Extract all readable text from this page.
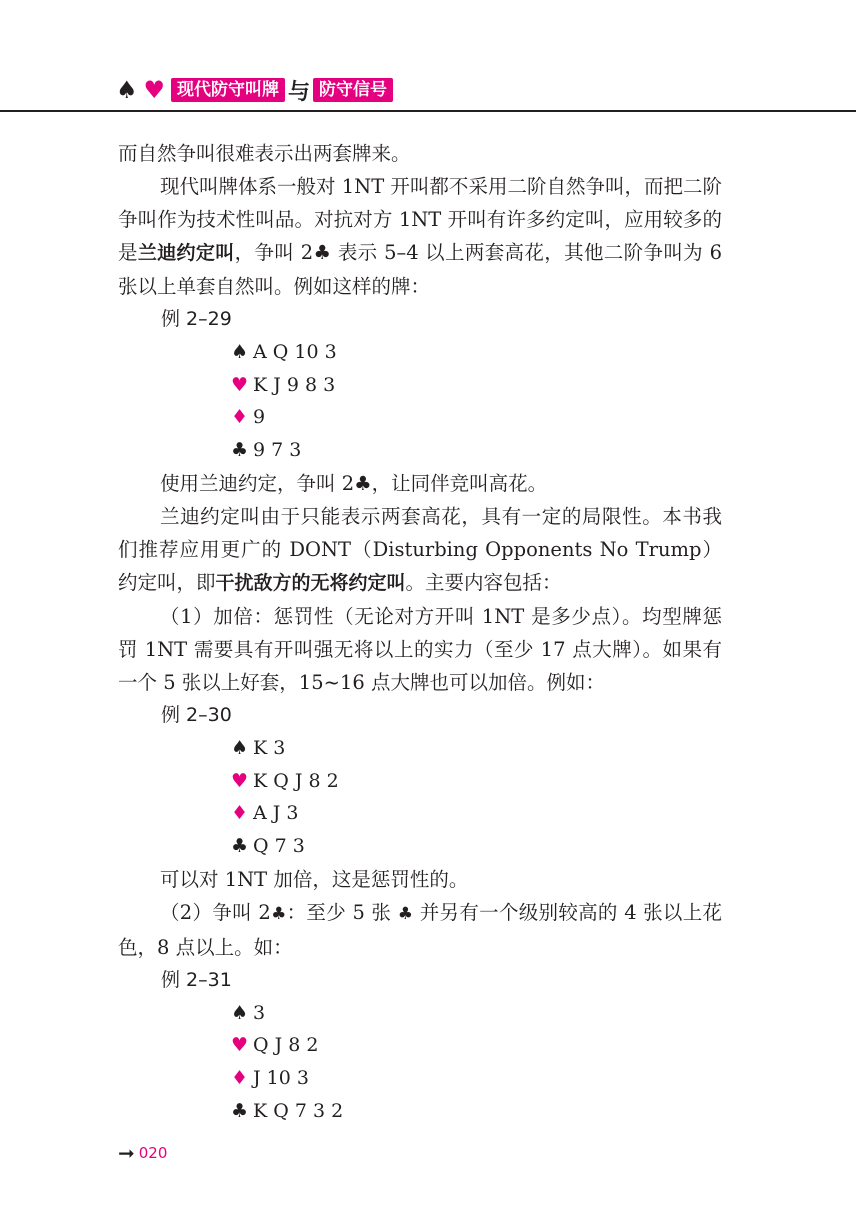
♠ ♥ 现代防守叫牌 与 防守信号

而自然争叫很难表示出两套牌来。

现代叫牌体系一般对 1NT 开叫都不采用二阶自然争叫，而把二阶争叫作为技术性叫品。对抗对方 1NT 开叫有许多约定叫，应用较多的是兰迪约定叫，争叫 2♣ 表示 5–4 以上两套高花，其他二阶争叫为 6 张以上单套自然叫。例如这样的牌：

例 2–29

♠ A Q 10 3
♥ K J 9 8 3
♦ 9
♣ 9 7 3

使用兰迪约定，争叫 2♣，让同伴竞叫高花。

兰迪约定叫由于只能表示两套高花，具有一定的局限性。本书我们推荐应用更广的 DONT（Disturbing Opponents No Trump）约定叫，即干扰敌方的无将约定叫。主要内容包括：

（1）加倍：惩罚性（无论对方开叫 1NT 是多少点）。均型牌惩罚 1NT 需要具有开叫强无将以上的实力（至少 17 点大牌）。如果有一个 5 张以上好套，15~16 点大牌也可以加倍。例如：

例 2–30

♠ K 3
♥ K Q J 8 2
♦ A J 3
♣ Q 7 3

可以对 1NT 加倍，这是惩罚性的。

（2）争叫 2♣：至少 5 张 ♣ 并另有一个级别较高的 4 张以上花色，8 点以上。如：

例 2–31

♠ 3
♥ Q J 8 2
♦ J 10 3
♣ K Q 7 3 2
➞ 020
